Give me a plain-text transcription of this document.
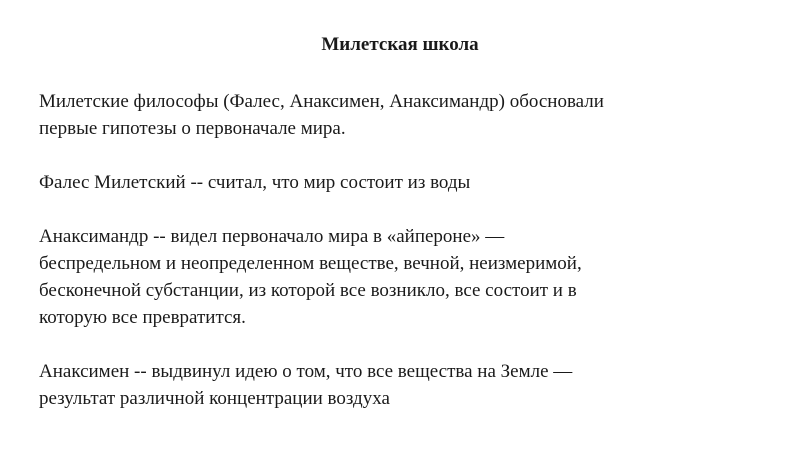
Милетская школа

Милетские философы (Фалес, Анаксимен, Анаксимандр) обосновали
первые гипотезы о первоначале мира.

Фалес Милетский -- считал, что мир состоит из воды

Анаксимандр -- видел первоначало мира в «айпероне» —
беспредельном и неопределенном веществе, вечной, неизмеримой,
бесконечной субстанции, из которой все возникло, все состоит и в
которую все превратится.

Анаксимен -- выдвинул идею о том, что все вещества на Земле —
результат различной концентрации воздуха
